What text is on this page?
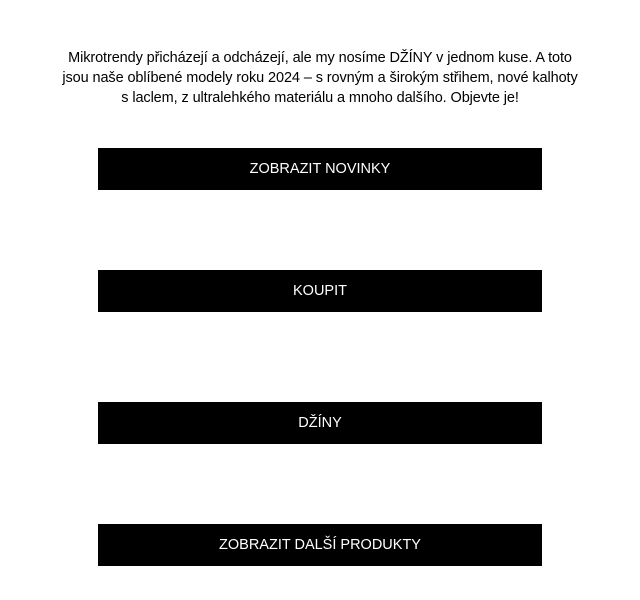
Mikrotrendy přicházejí a odcházejí, ale my nosíme DŽÍNY v jednom kuse. A toto jsou naše oblíbené modely roku 2024 – s rovným a širokým střihem, nové kalhoty s laclem, z ultralehkého materiálu a mnoho dalšího. Objevte je!

ZOBRAZIT NOVINKY
KOUPIT
DŽÍNY
ZOBRAZIT DALŠÍ PRODUKTY
